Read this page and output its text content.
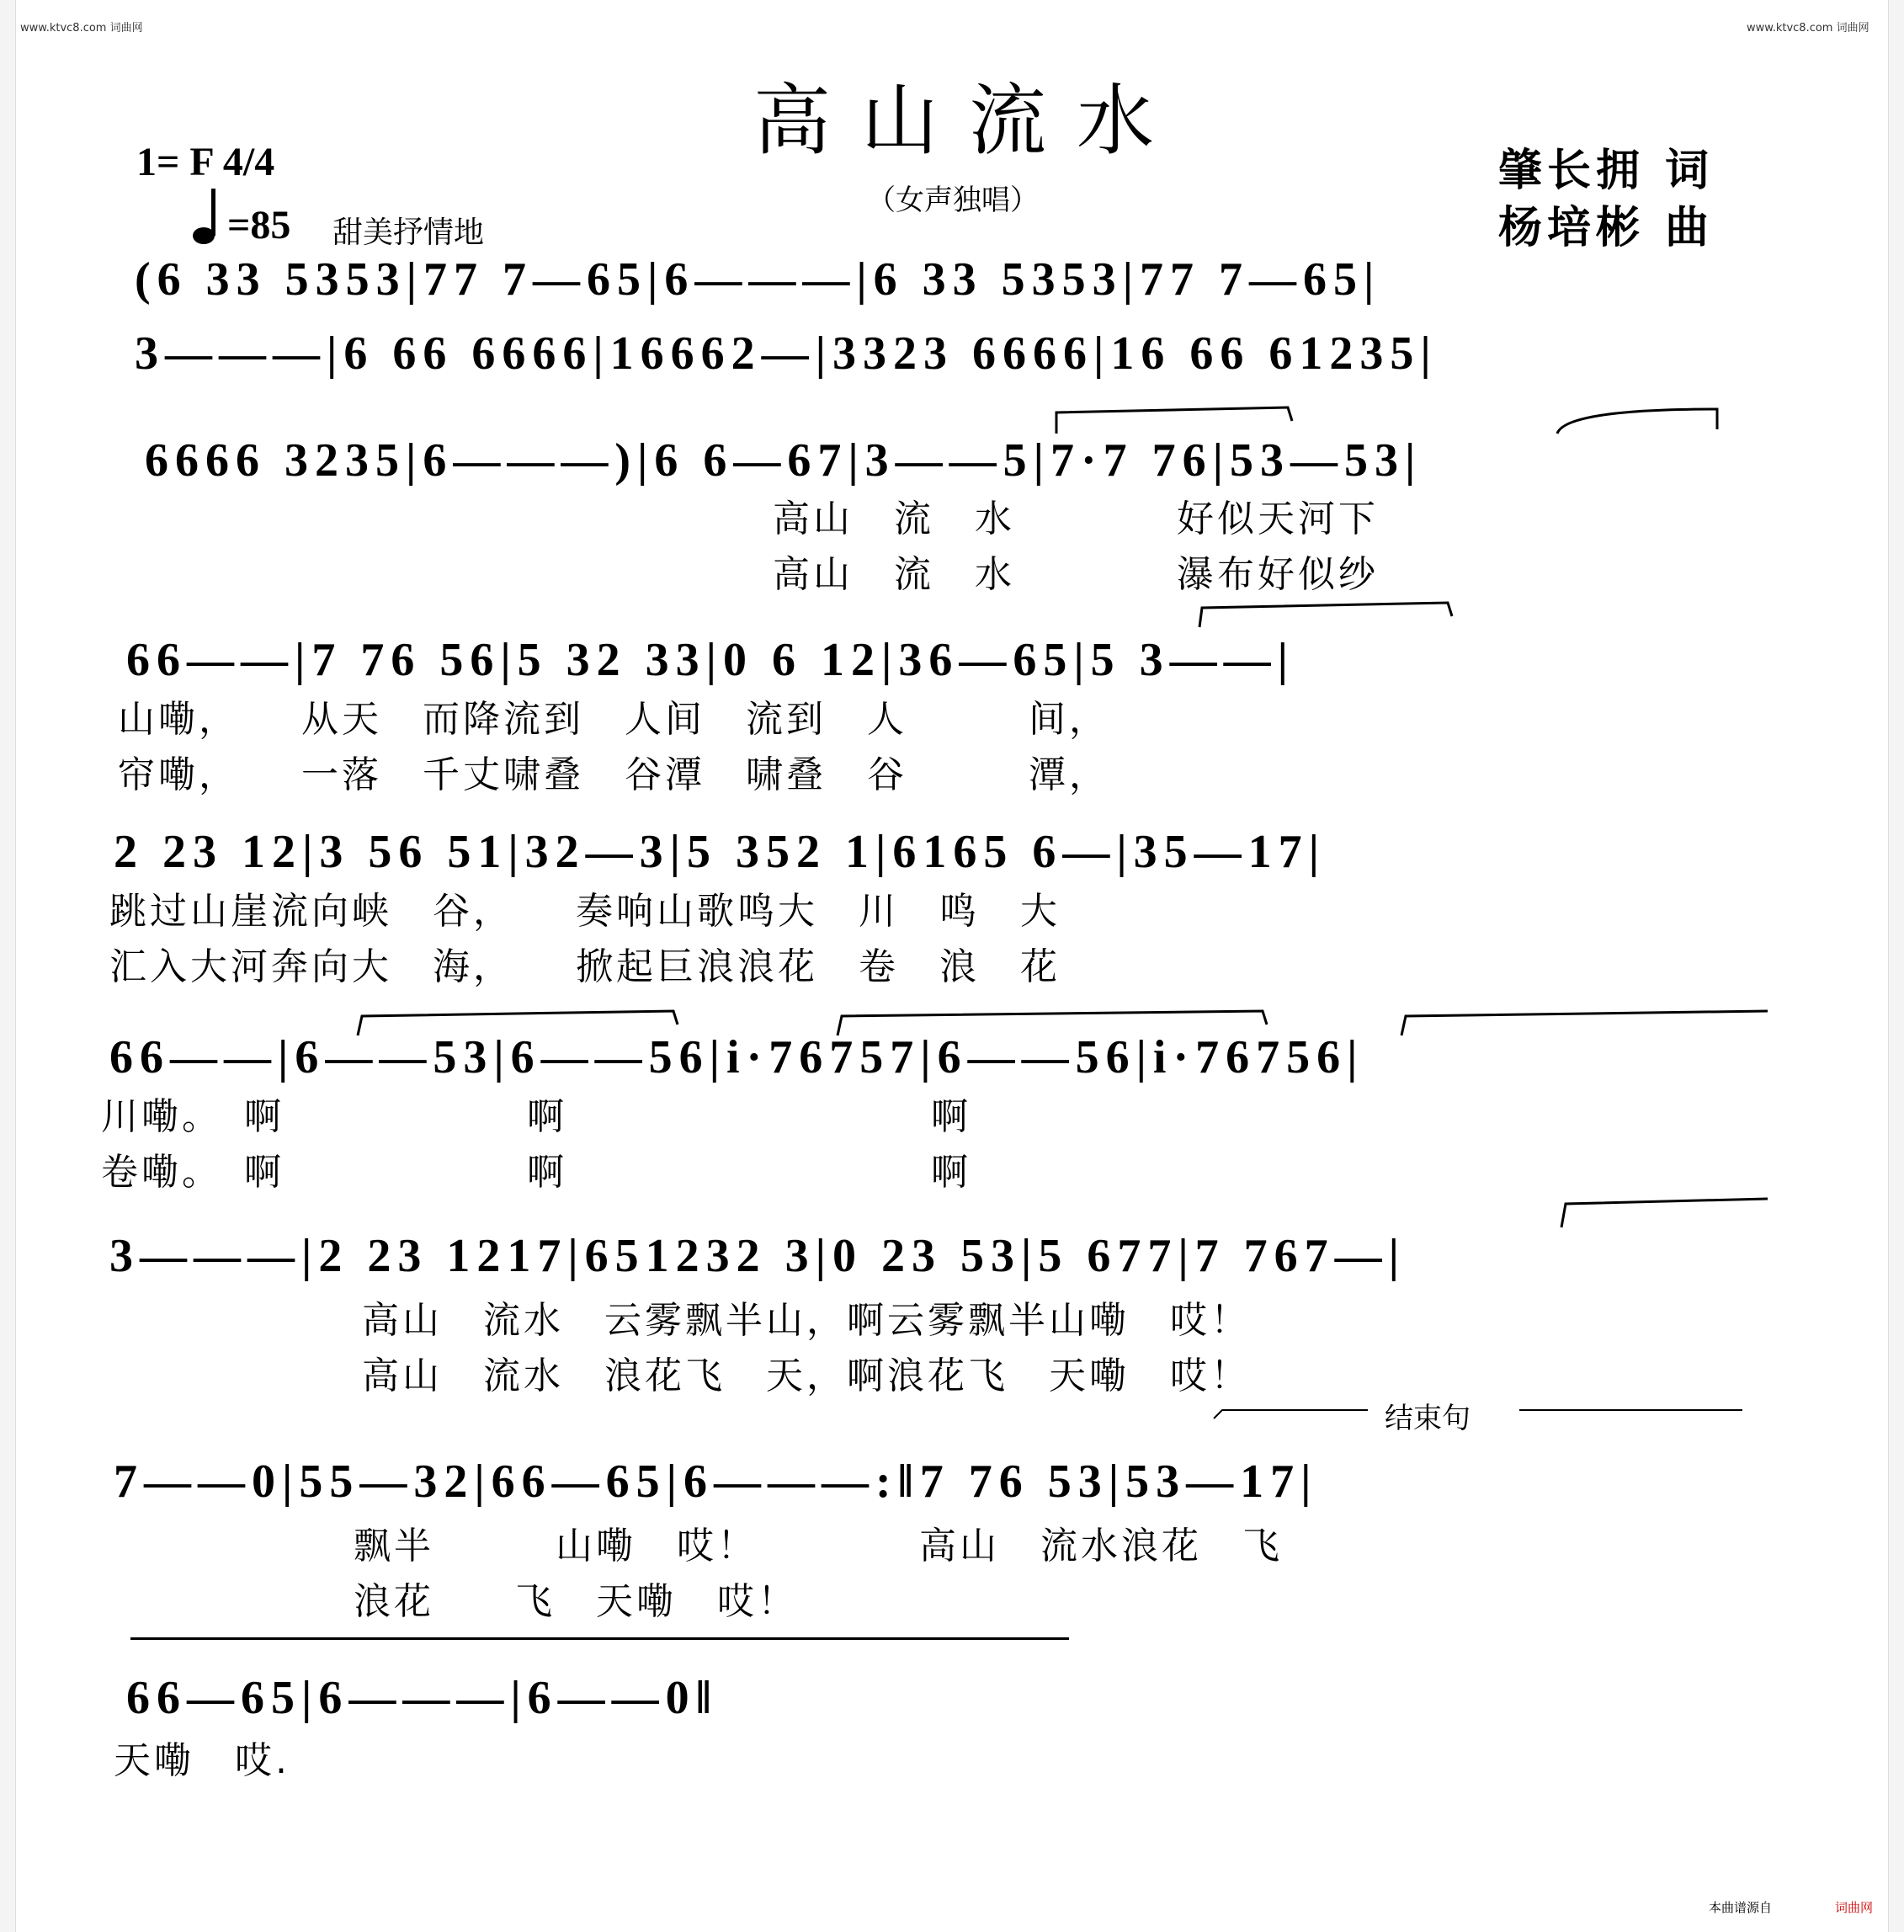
www.ktvc8.com 词曲网	www.ktvc8.com 词曲网
高山流水
（女声独唱）
1= F 4/4
=85 甜美抒情地
肇长拥 词
杨培彬 曲
(6 33 5353|77 7—65|6———|6 33 5353|77 7—65|
3———|6 66 6666|16662—|3323 6666|16 66 61235|
6666 3235|6———)|6 6—67|3——5|7·7 76|53—53|
高山　流　水　　　　好似天河下
高山　流　水　　　　瀑布好似纱
66——|7 76 56|5 32 33|0 6 12|36—65|5 3——|
山嘞，　　从天　而降流到　人间　流到　人　　　间，
帘嘞，　　一落　千丈啸叠　谷潭　啸叠　谷　　　潭，
2 23 12|3 56 51|32—3|5 352 1|6165 6—|35—17|
跳过山崖流向峡　谷，　　奏响山歌鸣大　川　鸣　大
汇入大河奔向大　海，　　掀起巨浪浪花　卷　浪　花
66——|6——53|6——56|i·76757|6——56|i·76756|
川嘞。　啊　　　　　　啊　　　　　　　　　啊
卷嘞。　啊　　　　　　啊　　　　　　　　　啊
3———|2 23 1217|651232 3|0 23 53|5 677|7 767—|
高山　流水　云雾飘半山，啊云雾飘半山嘞　哎！
高山　流水　浪花飞　天，啊浪花飞　天嘞　哎！
结束句
7——0|55—32|66—65|6———:‖7 76 53|53—17|
飘半　　　山嘞　哎！　　　　高山　流水浪花　飞
浪花　　飞　天嘞　哎！
66—65|6———|6——0‖
天嘞　哎.
本曲谱源自	词曲网
